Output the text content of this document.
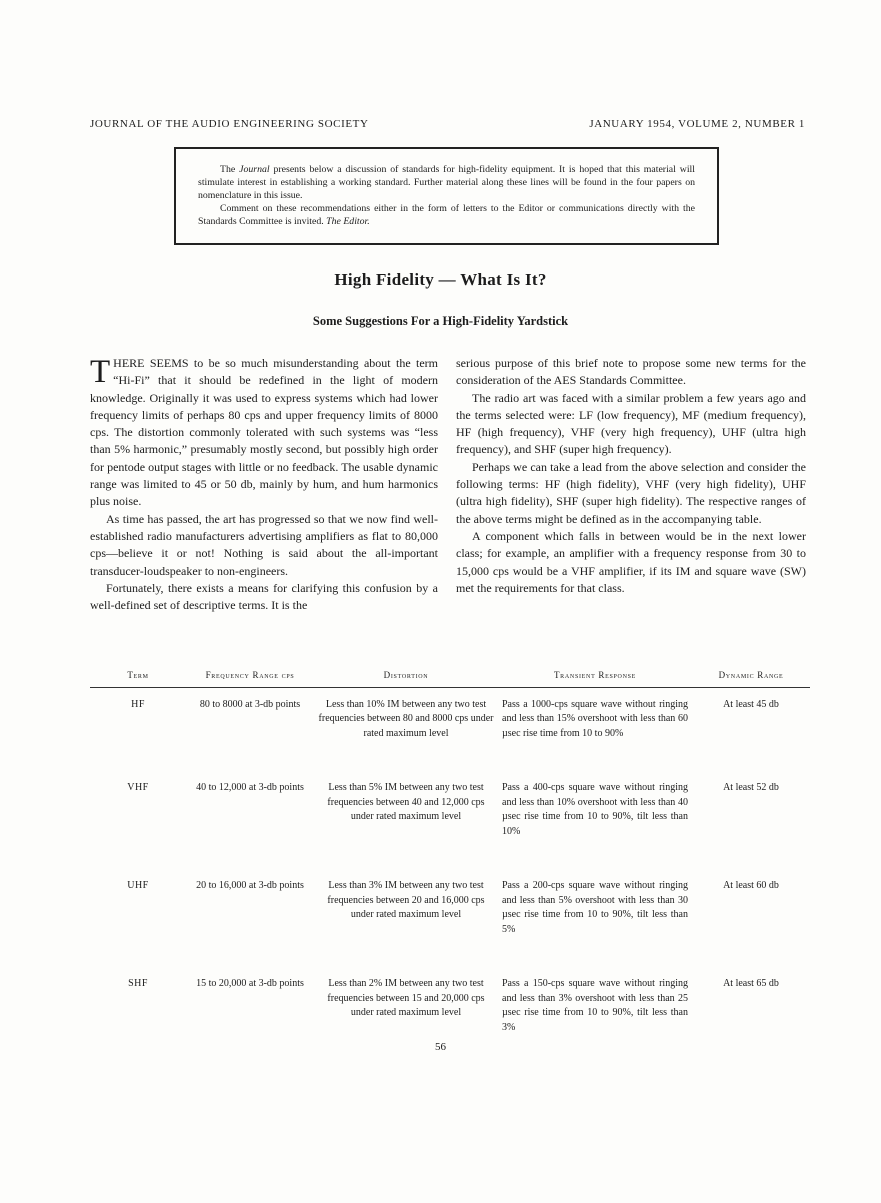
JOURNAL OF THE AUDIO ENGINEERING SOCIETY	JANUARY 1954, VOLUME 2, NUMBER 1

The Journal presents below a discussion of standards for high-fidelity equipment. It is hoped that this material will stimulate interest in establishing a working standard. Further material along these lines will be found in the four papers on nomenclature in this issue.

Comment on these recommendations either in the form of letters to the Editor or communications directly with the Standards Committee is invited. The Editor.

High Fidelity — What Is It?
Some Suggestions For a High-Fidelity Yardstick

THERE SEEMS to be so much misunderstanding about the term “Hi-Fi” that it should be redefined in the light of modern knowledge. Originally it was used to express systems which had lower frequency limits of perhaps 80 cps and upper frequency limits of 8000 cps. The distortion commonly tolerated with such systems was “less than 5% harmonic,” presumably mostly second, but possibly high order for pentode output stages with little or no feedback. The usable dynamic range was limited to 45 or 50 db, mainly by hum, and hum harmonics plus noise.

As time has passed, the art has progressed so that we now find well-established radio manufacturers advertising amplifiers as flat to 80,000 cps—believe it or not! Nothing is said about the all-important transducer-loudspeaker to non-engineers.

Fortunately, there exists a means for clarifying this confusion by a well-defined set of descriptive terms. It is the

serious purpose of this brief note to propose some new terms for the consideration of the AES Standards Committee.

The radio art was faced with a similar problem a few years ago and the terms selected were: LF (low frequency), MF (medium frequency), HF (high frequency), VHF (very high frequency), UHF (ultra high frequency), and SHF (super high frequency).

Perhaps we can take a lead from the above selection and consider the following terms: HF (high fidelity), VHF (very high fidelity), UHF (ultra high fidelity), SHF (super high fidelity). The respective ranges of the above terms might be defined as in the accompanying table.

A component which falls in between would be in the next lower class; for example, an amplifier with a frequency response from 30 to 15,000 cps would be a VHF amplifier, if its IM and square wave (SW) met the requirements for that class.

Term	Frequency Range cps	Distortion	Transient Response	Dynamic Range
HF	80 to 8000 at 3-db points	Less than 10% IM between any two test frequencies between 80 and 8000 cps under rated maximum level	Pass a 1000-cps square wave without ringing and less than 15% overshoot with less than 60 µsec rise time from 10 to 90%	At least 45 db
VHF	40 to 12,000 at 3-db points	Less than 5% IM between any two test frequencies between 40 and 12,000 cps under rated maximum level	Pass a 400-cps square wave without ringing and less than 10% overshoot with less than 40 µsec rise time from 10 to 90%, tilt less than 10%	At least 52 db
UHF	20 to 16,000 at 3-db points	Less than 3% IM between any two test frequencies between 20 and 16,000 cps under rated maximum level	Pass a 200-cps square wave without ringing and less than 5% overshoot with less than 30 µsec rise time from 10 to 90%, tilt less than 5%	At least 60 db
SHF	15 to 20,000 at 3-db points	Less than 2% IM between any two test frequencies between 15 and 20,000 cps under rated maximum level	Pass a 150-cps square wave without ringing and less than 3% overshoot with less than 25 µsec rise time from 10 to 90%, tilt less than 3%	At least 65 db
56
